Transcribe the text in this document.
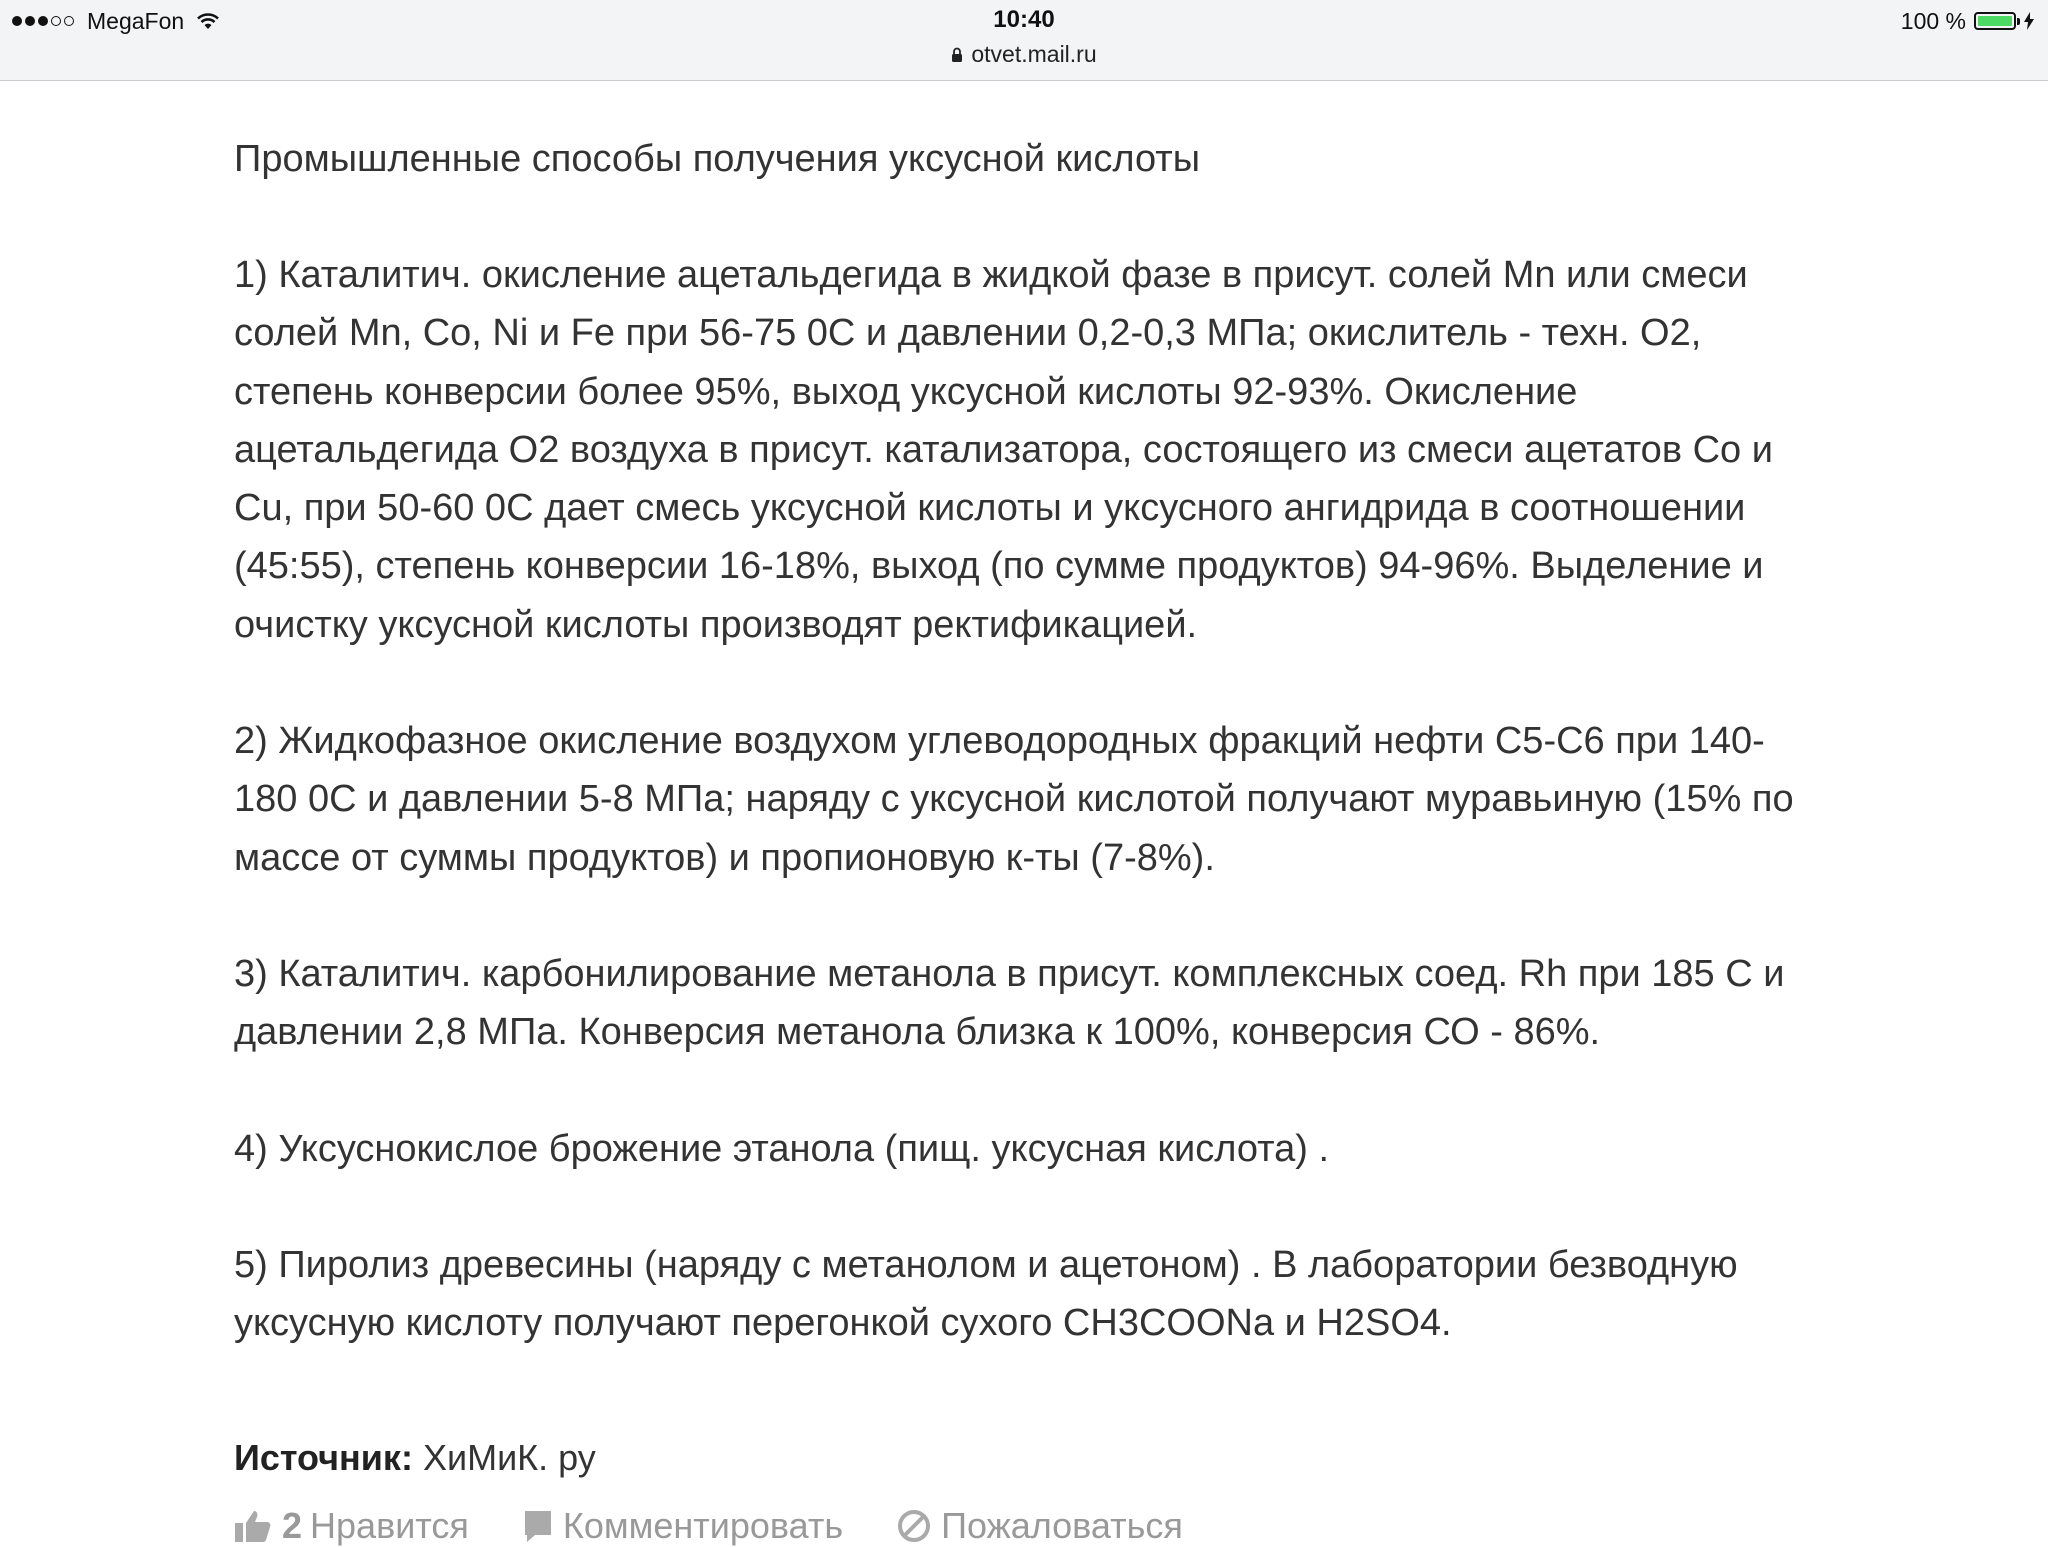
MegaFon	10:40
otvet.mail.ru
100 %
Промышленные способы получения уксусной кислоты
1) Каталитич. окисление ацетальдегида в жидкой фазе в присут. солей Mn или смеси
солей Mn, Co, Ni и Fe при 56-75 0С и давлении 0,2-0,3 МПа; окислитель - техн. О2,
степень конверсии более 95%, выход уксусной кислоты 92-93%. Окисление
ацетальдегида О2 воздуха в присут. катализатора, состоящего из смеси ацетатов Со и
Cu, при 50-60 0С дает смесь уксусной кислоты и уксусного ангидрида в соотношении
(45:55), степень конверсии 16-18%, выход (по сумме продуктов) 94-96%. Выделение и
очистку уксусной кислоты производят ректификацией.
2) Жидкофазное окисление воздухом углеводородных фракций нефти С5-С6 при 140-
180 0С и давлении 5-8 МПа; наряду с уксусной кислотой получают муравьиную (15% по
массе от суммы продуктов) и пропионовую к-ты (7-8%).
3) Каталитич. карбонилирование метанола в присут. комплексных соед. Rh при 185 С и
давлении 2,8 МПа. Конверсия метанола близка к 100%, конверсия СО - 86%.
4) Уксуснокислое брожение этанола (пищ. уксусная кислота) .
5) Пиролиз древесины (наряду с метанолом и ацетоном) . В лаборатории безводную
уксусную кислоту получают перегонкой сухого CH3COONa и H2SO4.
Источник: ХиМиК. ру
2 Нравится	Комментировать	Пожаловаться
